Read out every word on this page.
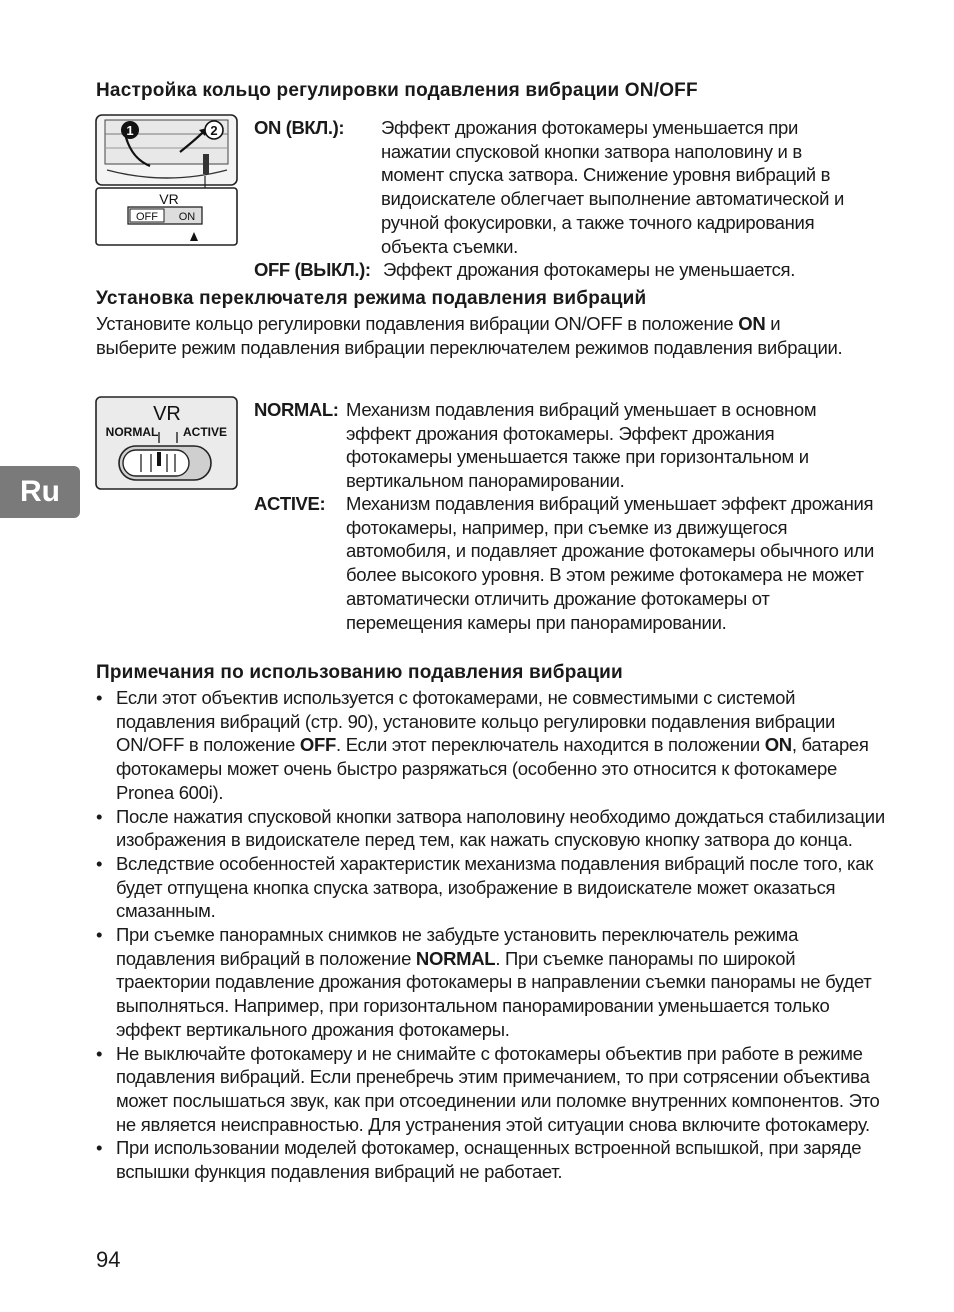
Ru
Настройка кольцо регулировки подавления вибрации ON/OFF
1	2
VR
OFF ON
ON (ВКЛ.): Эффект дрожания фотокамеры уменьшается при нажатии спусковой кнопки затвора наполовину и в момент спуска затвора. Снижение уровня вибраций в видоискателе облегчает выполнение автоматической и ручной фокусировки, а также точного кадрирования объекта съемки.
OFF (ВЫКЛ.): Эффект дрожания фотокамеры не уменьшается.
Установка переключателя режима подавления вибраций
Установите кольцо регулировки подавления вибрации ON/OFF в положение ON и выберите режим подавления вибрации переключателем режимов подавления вибрации.
VR
NORMAL ACTIVE
NORMAL: Механизм подавления вибраций уменьшает в основном эффект дрожания фотокамеры. Эффект дрожания фотокамеры уменьшается также при горизонтальном и вертикальном панорамировании.
ACTIVE: Механизм подавления вибраций уменьшает эффект дрожания фотокамеры, например, при съемке из движущегося автомобиля, и подавляет дрожание фотокамеры обычного или более высокого уровня. В этом режиме фотокамера не может автоматически отличить дрожание фотокамеры от перемещения камеры при панорамировании.
Примечания по использованию подавления вибрации
• Если этот объектив используется с фотокамерами, не совместимыми с системой подавления вибраций (стр. 90), установите кольцо регулировки подавления вибрации ON/OFF в положение OFF. Если этот переключатель находится в положении ON, батарея фотокамеры может очень быстро разряжаться (особенно это относится к фотокамере Pronea 600i).
• После нажатия спусковой кнопки затвора наполовину необходимо дождаться стабилизации изображения в видоискателе перед тем, как нажать спусковую кнопку затвора до конца.
• Вследствие особенностей характеристик механизма подавления вибраций после того, как будет отпущена кнопка спуска затвора, изображение в видоискателе может оказаться смазанным.
• При съемке панорамных снимков не забудьте установить переключатель режима подавления вибраций в положение NORMAL. При съемке панорамы по широкой траектории подавление дрожания фотокамеры в направлении съемки панорамы не будет выполняться. Например, при горизонтальном панорамировании уменьшается только эффект вертикального дрожания фотокамеры.
• Не выключайте фотокамеру и не снимайте с фотокамеры объектив при работе в режиме подавления вибраций. Если пренебречь этим примечанием, то при сотрясении объектива может послышаться звук, как при отсоединении или поломке внутренних компонентов. Это не является неисправностью. Для устранения этой ситуации снова включите фотокамеру.
• При использовании моделей фотокамер, оснащенных встроенной вспышкой, при заряде вспышки функция подавления вибраций не работает.
94
